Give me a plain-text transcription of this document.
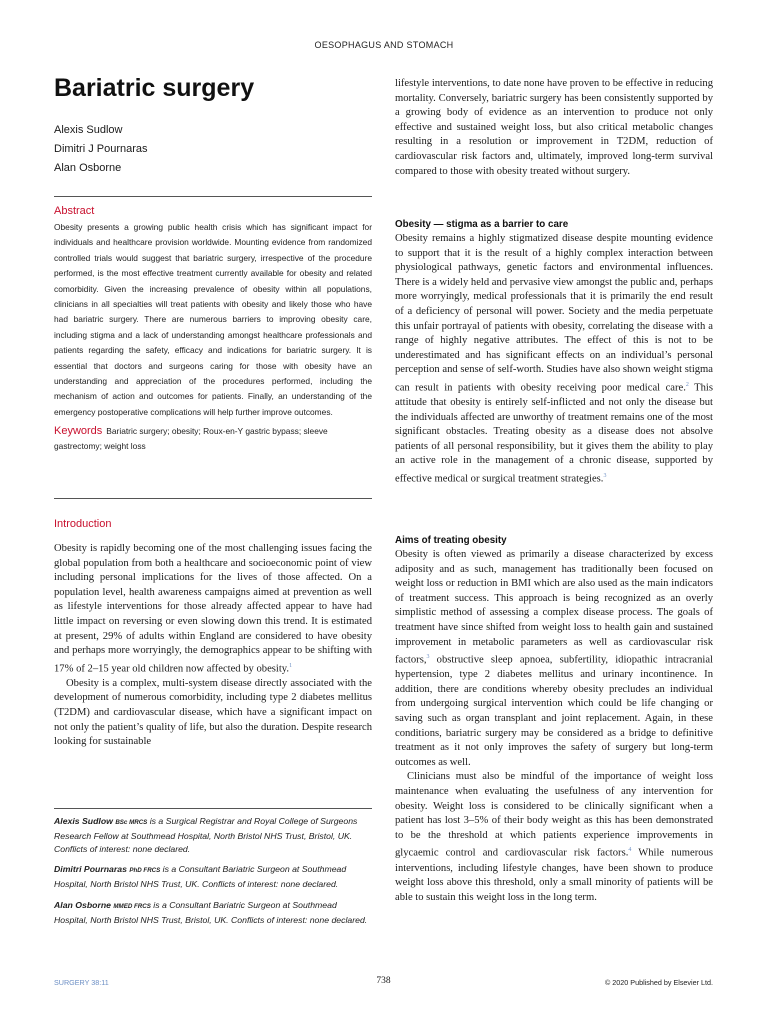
OESOPHAGUS AND STOMACH
Bariatric surgery
Alexis Sudlow
Dimitri J Pournaras
Alan Osborne
Abstract

Obesity presents a growing public health crisis which has significant impact for individuals and healthcare provision worldwide. Mounting evidence from randomized controlled trials would suggest that bariatric surgery, irrespective of the procedure performed, is the most effective treatment currently available for obesity and related comorbidity. Given the increasing prevalence of obesity within all populations, clinicians in all specialties will treat patients with obesity and likely those who have had bariatric surgery. There are numerous barriers to improving obesity care, including stigma and a lack of understanding amongst healthcare professionals and patients regarding the safety, efficacy and indications for bariatric surgery. It is essential that doctors and surgeons caring for those with obesity have an understanding and appreciation of the procedures performed, including the mechanism of action and outcomes for patients. Finally, an understanding of the emergency postoperative complications will help further improve outcomes.

Keywords Bariatric surgery; obesity; Roux-en-Y gastric bypass; sleeve gastrectomy; weight loss
Introduction

Obesity is rapidly becoming one of the most challenging issues facing the global population from both a healthcare and socioeconomic point of view including personal implications for the lives of those affected. On a population level, health awareness campaigns aimed at prevention as well as lifestyle interventions for those already affected appear to have had little impact on reversing or even slowing down this trend. It is estimated at present, 29% of adults within England are considered to have obesity and perhaps more worryingly, the demographics appear to be shifting with 17% of 2–15 year old children now affected by obesity.$^1$

Obesity is a complex, multi-system disease directly associated with the development of numerous comorbidity, including type 2 diabetes mellitus (T2DM) and cardiovascular disease, which have a significant impact on not only the patient’s quality of life, but also the duration. Despite research looking for sustainable

Alexis Sudlow BSc MRCS is a Surgical Registrar and Royal College of Surgeons Research Fellow at Southmead Hospital, North Bristol NHS Trust, Bristol, UK. Conflicts of interest: none declared.

Dimitri Pournaras PhD FRCS is a Consultant Bariatric Surgeon at Southmead Hospital, North Bristol NHS Trust, UK. Conflicts of interest: none declared.

Alan Osborne MMED FRCS is a Consultant Bariatric Surgeon at Southmead Hospital, North Bristol NHS Trust, Bristol, UK. Conflicts of interest: none declared.

lifestyle interventions, to date none have proven to be effective in reducing mortality. Conversely, bariatric surgery has been consistently supported by a growing body of evidence as an intervention to produce not only effective and sustained weight loss, but also critical metabolic changes resulting in a resolution or improvement in T2DM, reduction of cardiovascular risk factors and, ultimately, improved long-term survival compared to those with obesity treated without surgery.

Obesity — stigma as a barrier to care

Obesity remains a highly stigmatized disease despite mounting evidence to support that it is the result of a highly complex interaction between physiological pathways, genetic factors and environmental influences. There is a widely held and pervasive view amongst the public and, perhaps more worryingly, medical professionals that it is primarily the end result of a deficiency of personal will power. Society and the media perpetuate this unfair portrayal of patients with obesity, correlating the disease with a range of highly negative attributes. The effect of this is not to be underestimated and has significant effects on an individual’s personal perception and sense of self-worth. Studies have also shown weight stigma can result in patients with obesity receiving poor medical care.$^2$ This attitude that obesity is entirely self-inflicted and not only the disease but the individuals affected are unworthy of treatment remains one of the most significant obstacles. Treating obesity as a disease does not absolve patients of all personal responsibility, but it gives them the ability to play an active role in the management of a chronic disease, supported by effective medical or surgical treatment strategies.$^3$

Aims of treating obesity

Obesity is often viewed as primarily a disease characterized by excess adiposity and as such, management has traditionally been focused on weight loss or reduction in BMI which are also used as the main indicators of treatment success. This approach is being recognized as an overly simplistic method of assessing a complex disease process. The goals of treatment have since shifted from weight loss to health gain and sustained improvement in metabolic parameters as well as cardiovascular risk factors,$^3$ obstructive sleep apnoea, subfertility, idiopathic intracranial hypertension, type 2 diabetes mellitus and urinary incontinence. In addition, there are conditions whereby obesity precludes an individual from undergoing surgical intervention which could be life changing or saving such as organ transplant and joint replacement. Again, in these conditions, bariatric surgery may be considered as a bridge to definitive treatment as it not only improves the safety of surgery but long-term outcomes as well.

Clinicians must also be mindful of the importance of weight loss maintenance when evaluating the usefulness of any intervention for obesity. Weight loss is considered to be clinically significant when a patient has lost 3–5% of their body weight as this has been demonstrated to be the threshold at which patients experience improvements in glycaemic control and cardiovascular risk factors.$^4$ While numerous interventions, including lifestyle changes, have been shown to produce weight loss above this threshold, only a small minority of patients will be able to sustain this weight loss in the long term.

SURGERY 38:11	738	© 2020 Published by Elsevier Ltd.
